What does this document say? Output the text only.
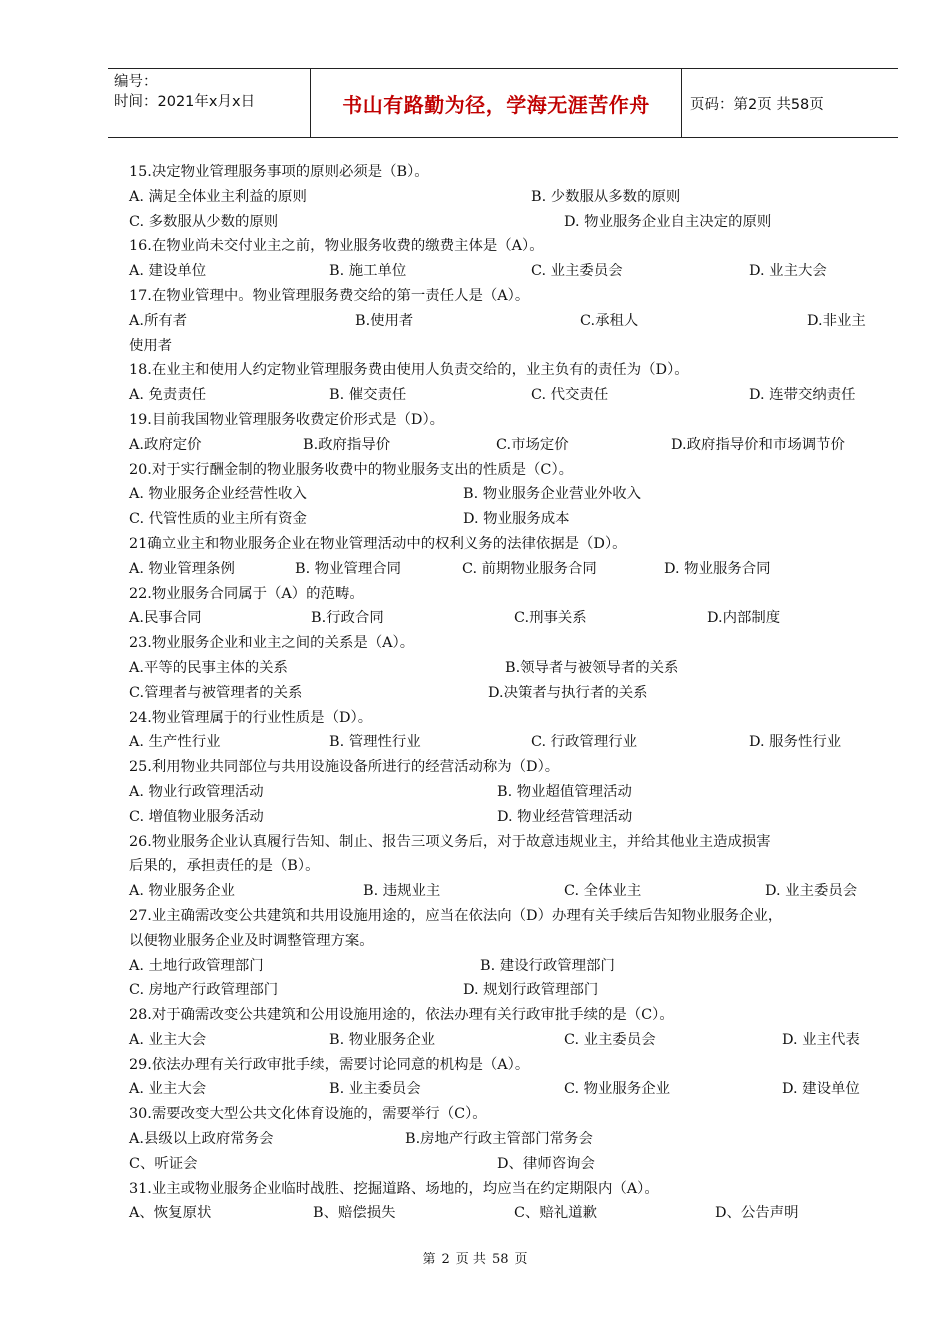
编号：
时间：2021年x月x日	书山有路勤为径，学海无涯苦作舟	页码：第2页 共58页
15.决定物业管理服务事项的原则必须是（B）。
A. 满足全体业主利益的原则	B. 少数服从多数的原则
C. 多数服从少数的原则	D. 物业服务企业自主决定的原则
16.在物业尚未交付业主之前，物业服务收费的缴费主体是（A）。
A. 建设单位	B. 施工单位	C. 业主委员会	D. 业主大会
17.在物业管理中。物业管理服务费交给的第一责任人是（A）。
A.所有者	B.使用者	C.承租人	D.非业主
使用者
18.在业主和使用人约定物业管理服务费由使用人负责交给的，业主负有的责任为（D）。
A. 免责责任	B. 催交责任	C. 代交责任	D. 连带交纳责任
19.目前我国物业管理服务收费定价形式是（D）。
A.政府定价	B.政府指导价	C.市场定价	D.政府指导价和市场调节价
20.对于实行酬金制的物业服务收费中的物业服务支出的性质是（C）。
A. 物业服务企业经营性收入	B. 物业服务企业营业外收入
C. 代管性质的业主所有资金	D. 物业服务成本
21确立业主和物业服务企业在物业管理活动中的权利义务的法律依据是（D）。
A. 物业管理条例	B. 物业管理合同	C. 前期物业服务合同	D. 物业服务合同
22.物业服务合同属于（A）的范畴。
A.民事合同	B.行政合同	C.刑事关系	D.内部制度
23.物业服务企业和业主之间的关系是（A）。
A.平等的民事主体的关系	B.领导者与被领导者的关系
C.管理者与被管理者的关系	D.决策者与执行者的关系
24.物业管理属于的行业性质是（D）。
A. 生产性行业	B. 管理性行业	C. 行政管理行业	D. 服务性行业
25.利用物业共同部位与共用设施设备所进行的经营活动称为（D）。
A. 物业行政管理活动	B. 物业超值管理活动
C. 增值物业服务活动	D. 物业经营管理活动
26.物业服务企业认真履行告知、制止、报告三项义务后，对于故意违规业主，并给其他业主造成损害
后果的，承担责任的是（B）。
A. 物业服务企业	B. 违规业主	C. 全体业主	D. 业主委员会
27.业主确需改变公共建筑和共用设施用途的，应当在依法向（D）办理有关手续后告知物业服务企业，
以便物业服务企业及时调整管理方案。
A. 土地行政管理部门	B. 建设行政管理部门
C. 房地产行政管理部门	D. 规划行政管理部门
28.对于确需改变公共建筑和公用设施用途的，依法办理有关行政审批手续的是（C）。
A. 业主大会	B. 物业服务企业	C. 业主委员会	D. 业主代表
29.依法办理有关行政审批手续，需要讨论同意的机构是（A）。
A. 业主大会	B. 业主委员会	C. 物业服务企业	D. 建设单位
30.需要改变大型公共文化体育设施的，需要举行（C）。
A.县级以上政府常务会	B.房地产行政主管部门常务会
C、听证会	D、律师咨询会
31.业主或物业服务企业临时战胜、挖掘道路、场地的，均应当在约定期限内（A）。
A、恢复原状	B、赔偿损失	C、赔礼道歉	D、公告声明
第 2 页 共 58 页
